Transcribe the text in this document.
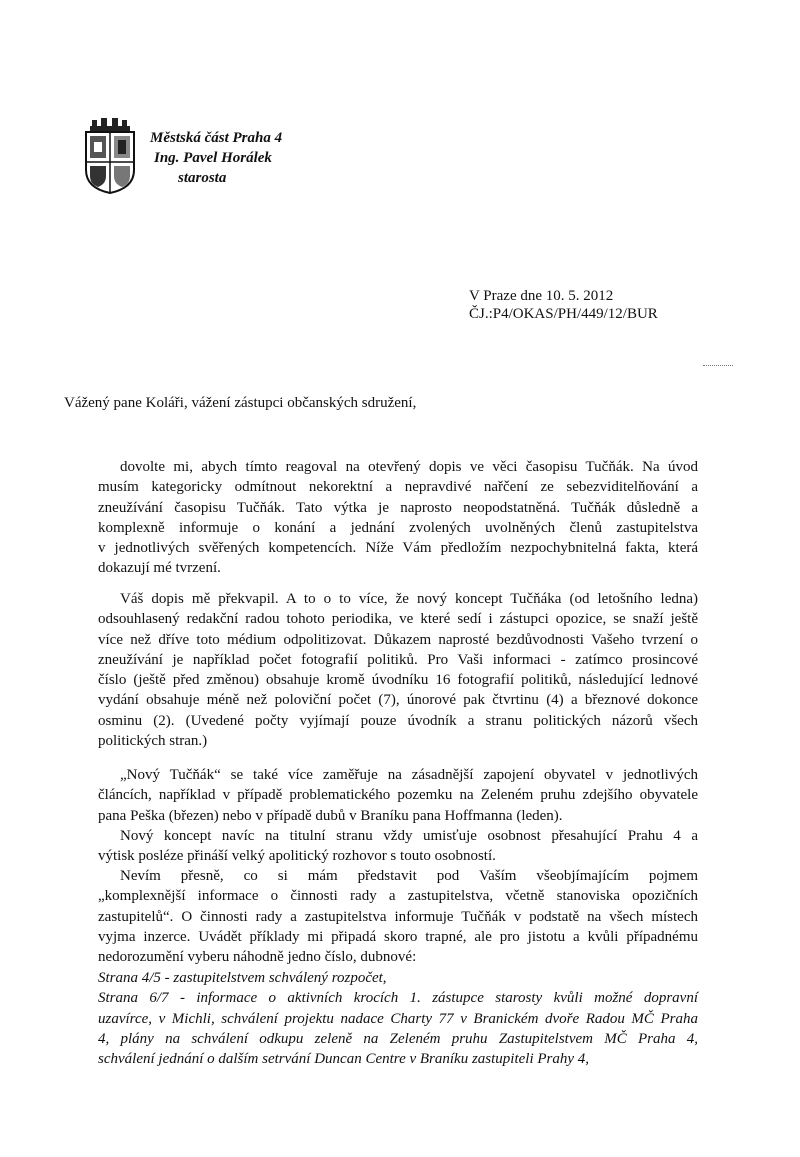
Městská část Praha 4
Ing. Pavel Horálek
starosta
V Praze dne 10. 5. 2012
ČJ.:P4/OKAS/PH/449/12/BUR
Vážený pane Koláři, vážení zástupci občanských sdružení,
dovolte mi, abych tímto reagoval na otevřený dopis ve věci časopisu Tučňák. Na úvod
musím kategoricky odmítnout nekorektní a nepravdivé nařčení ze sebezviditelňování a
zneužívání časopisu Tučňák. Tato výtka je naprosto neopodstatněná. Tučňák důsledně a
komplexně informuje o konání a jednání zvolených uvolněných členů zastupitelstva
v jednotlivých svěřených kompetencích. Níže Vám předložím nezpochybnitelná fakta, která
dokazují mé tvrzení.
Váš dopis mě překvapil. A to o to více, že nový koncept Tučňáka (od letošního ledna)
odsouhlasený redakční radou tohoto periodika, ve které sedí i zástupci opozice, se snaží ještě
více než dříve toto médium odpolitizovat. Důkazem naprosté bezdůvodnosti Vašeho tvrzení o
zneužívání je například počet fotografií politiků. Pro Vaši informaci - zatímco prosincové
číslo (ještě před změnou) obsahuje kromě úvodníku 16 fotografií politiků, následující lednové
vydání obsahuje méně než poloviční počet (7), únorové pak čtvrtinu (4) a březnové dokonce
osminu (2). (Uvedené počty vyjímají pouze úvodník a stranu politických názorů všech
politických stran.)
„Nový Tučňák“ se také více zaměřuje na zásadnější zapojení obyvatel v jednotlivých
článcích, například v případě problematického pozemku na Zeleném pruhu zdejšího obyvatele
pana Peška (březen) nebo v případě dubů v Braníku pana Hoffmanna (leden).
Nový koncept navíc na titulní stranu vždy umisťuje osobnost přesahující Prahu 4 a
výtisk posléze přináší velký apolitický rozhovor s touto osobností.
Nevím přesně, co si mám představit pod Vaším všeobjímajícím pojmem
„komplexnější informace o činnosti rady a zastupitelstva, včetně stanoviska opozičních
zastupitelů“. O činnosti rady a zastupitelstva informuje Tučňák v podstatě na všech místech
vyjma inzerce. Uvádět příklady mi připadá skoro trapné, ale pro jistotu a kvůli případnému
nedorozumění vyberu náhodně jedno číslo, dubnové:
Strana 4/5 - zastupitelstvem schválený rozpočet,
Strana 6/7 - informace o aktivních krocích 1. zástupce starosty kvůli možné dopravní
uzavírce, v Michli, schválení projektu nadace Charty 77 v Branickém dvoře Radou MČ Praha
4, plány na schválení odkupu zeleně na Zeleném pruhu Zastupitelstvem MČ Praha 4,
schválení jednání o dalším setrvání Duncan Centre v Braníku zastupiteli Prahy 4,
